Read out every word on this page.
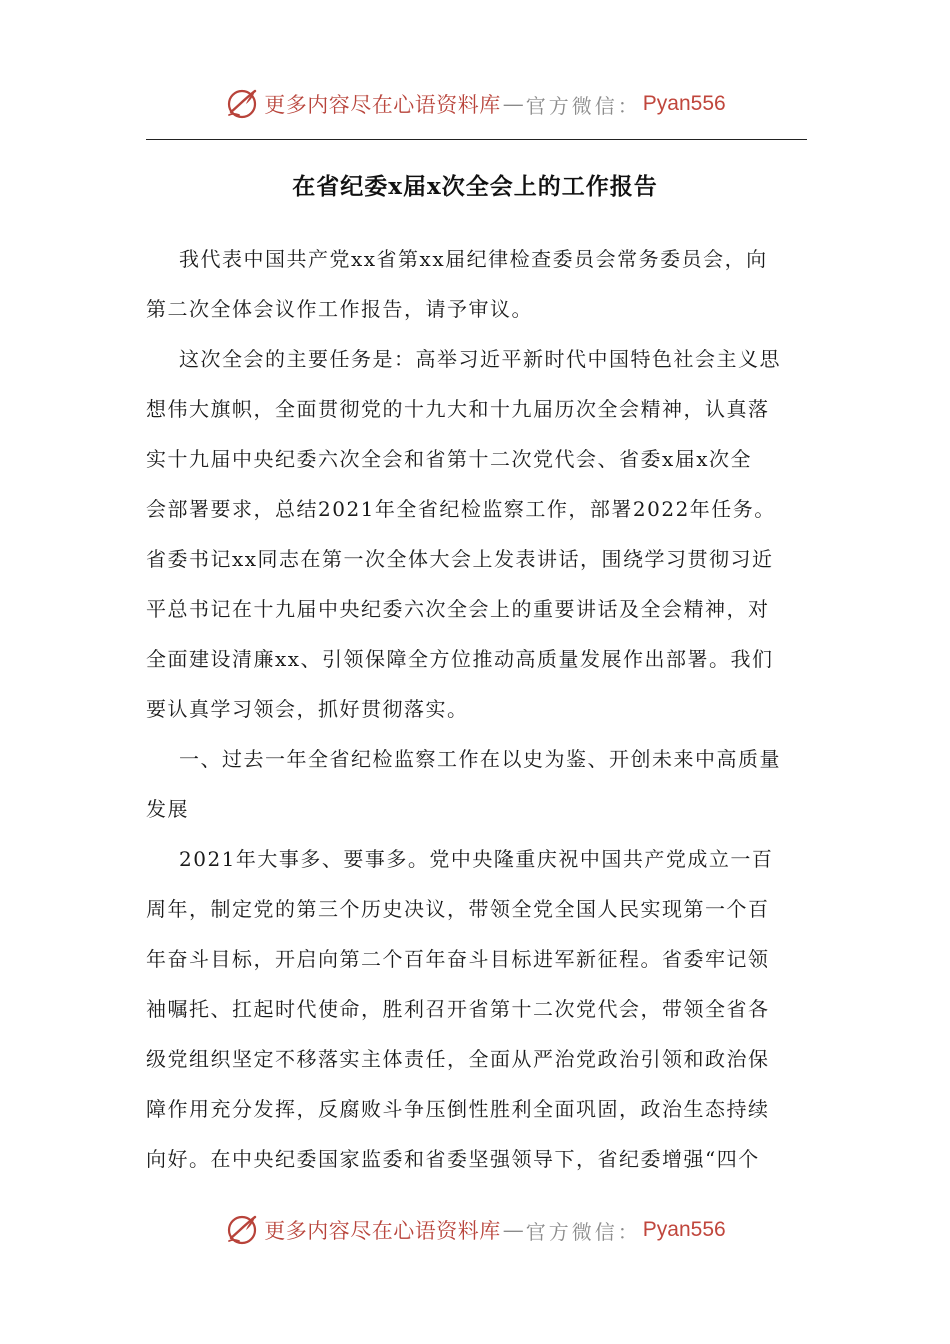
更多内容尽在心语资料库 — 官方微信： Pyan556
在省纪委x届x次全会上的工作报告
我代表中国共产党xx省第xx届纪律检查委员会常务委员会，向
第二次全体会议作工作报告，请予审议。
这次全会的主要任务是：高举习近平新时代中国特色社会主义思
想伟大旗帜，全面贯彻党的十九大和十九届历次全会精神，认真落
实十九届中央纪委六次全会和省第十二次党代会、省委x届x次全
会部署要求，总结2021年全省纪检监察工作，部署2022年任务。
省委书记xx同志在第一次全体大会上发表讲话，围绕学习贯彻习近
平总书记在十九届中央纪委六次全会上的重要讲话及全会精神，对
全面建设清廉xx、引领保障全方位推动高质量发展作出部署。我们
要认真学习领会，抓好贯彻落实。
一、过去一年全省纪检监察工作在以史为鉴、开创未来中高质量
发展
2021年大事多、要事多。党中央隆重庆祝中国共产党成立一百
周年，制定党的第三个历史决议，带领全党全国人民实现第一个百
年奋斗目标，开启向第二个百年奋斗目标进军新征程。省委牢记领
袖嘱托、扛起时代使命，胜利召开省第十二次党代会，带领全省各
级党组织坚定不移落实主体责任，全面从严治党政治引领和政治保
障作用充分发挥，反腐败斗争压倒性胜利全面巩固，政治生态持续
向好。在中央纪委国家监委和省委坚强领导下，省纪委增强“四个
更多内容尽在心语资料库 — 官方微信： Pyan556
